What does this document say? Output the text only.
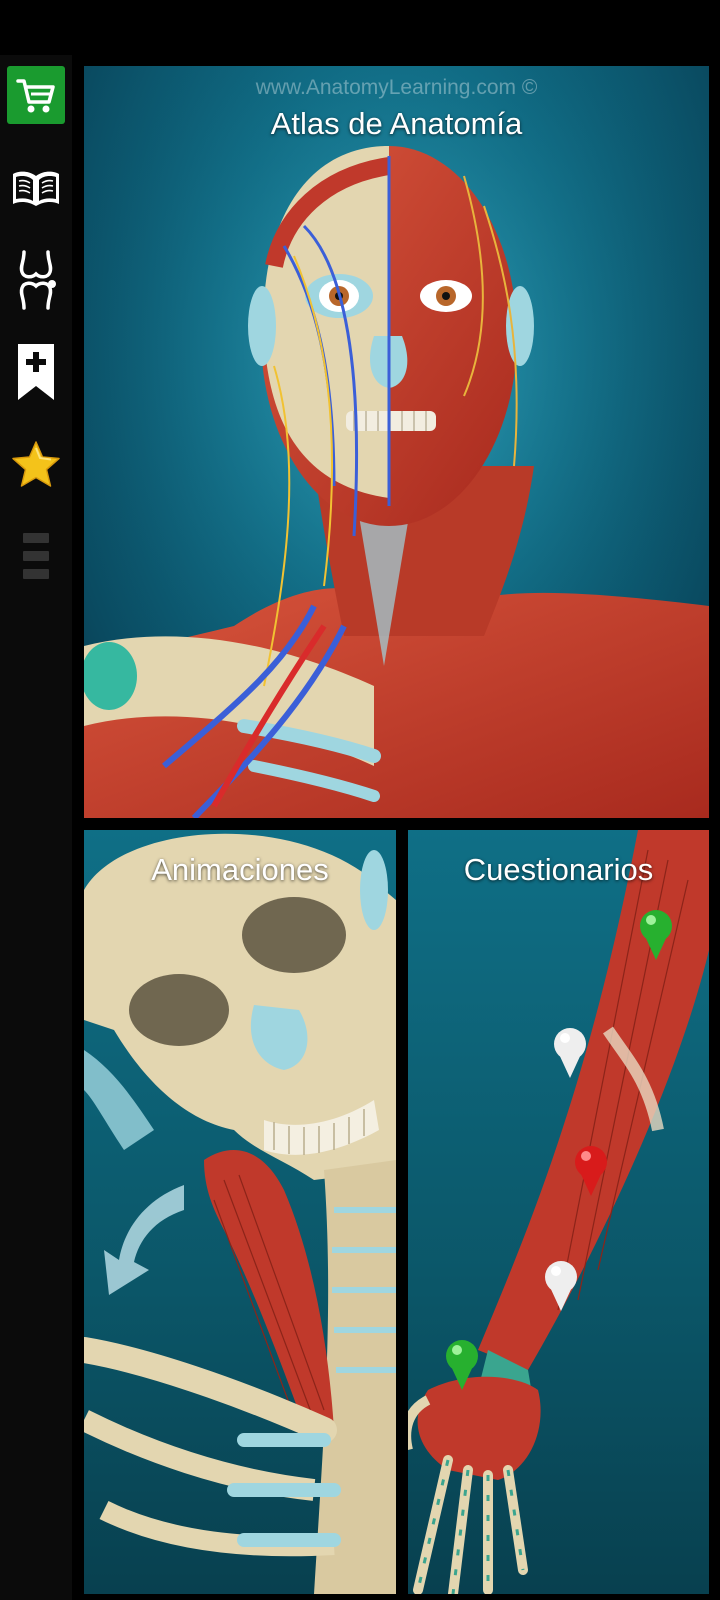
www.AnatomyLearning.com ©
Atlas de Anatomía
Animaciones	Cuestionarios
